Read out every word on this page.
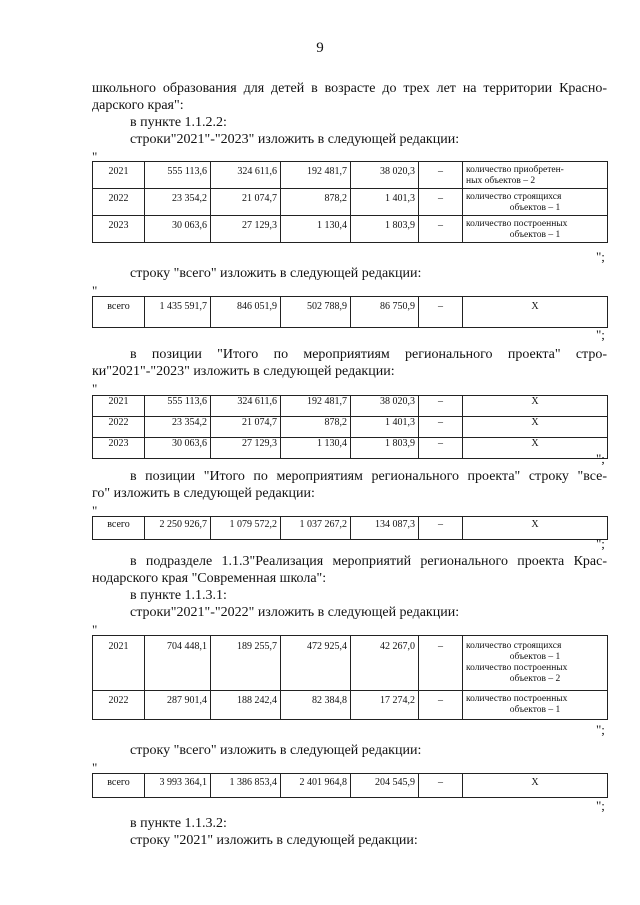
9
школьного образования для детей в возрасте до трех лет на территории Красно-
дарского края":
в пункте 1.1.2.2:
строки"2021"-"2023" изложить в следующей редакции:
"
2021	555 113,6	324 611,6	192 481,7	38 020,3	–	количество приобретен-
ных объектов – 2

2022	23 354,2	21 074,7	878,2	1 401,3	–	количество строящихся
объектов – 1

2023	30 063,6	27 129,3	1 130,4	1 803,9	–	количество построенных
объектов – 1
";
строку "всего" изложить в следующей редакции:
"
всего	1 435 591,7	846 051,9	502 788,9	86 750,9	–	X
";
в позиции "Итого по мероприятиям регионального проекта" стро-
ки"2021"-"2023" изложить в следующей редакции:
"
2021	555 113,6	324 611,6	192 481,7	38 020,3	–	X
2022	23 354,2	21 074,7	878,2	1 401,3	–	X
2023	30 063,6	27 129,3	1 130,4	1 803,9	–	X
";
в позиции "Итого по мероприятиям регионального проекта" строку "все-
го" изложить в следующей редакции:
"
всего	2 250 926,7	1 079 572,2	1 037 267,2	134 087,3	–	X
";
в подразделе 1.1.3"Реализация мероприятий регионального проекта Крас-
нодарского края "Современная школа":
в пункте 1.1.3.1:
строки"2021"-"2022" изложить в следующей редакции:
"
2021	704 448,1	189 255,7	472 925,4	42 267,0	–	количество строящихся
объектов – 1
количество построенных
объектов – 2

2022	287 901,4	188 242,4	82 384,8	17 274,2	–	количество построенных
объектов – 1
";
строку "всего" изложить в следующей редакции:
"
всего	3 993 364,1	1 386 853,4	2 401 964,8	204 545,9	–	X
";
в пункте 1.1.3.2:
строку "2021" изложить в следующей редакции:
